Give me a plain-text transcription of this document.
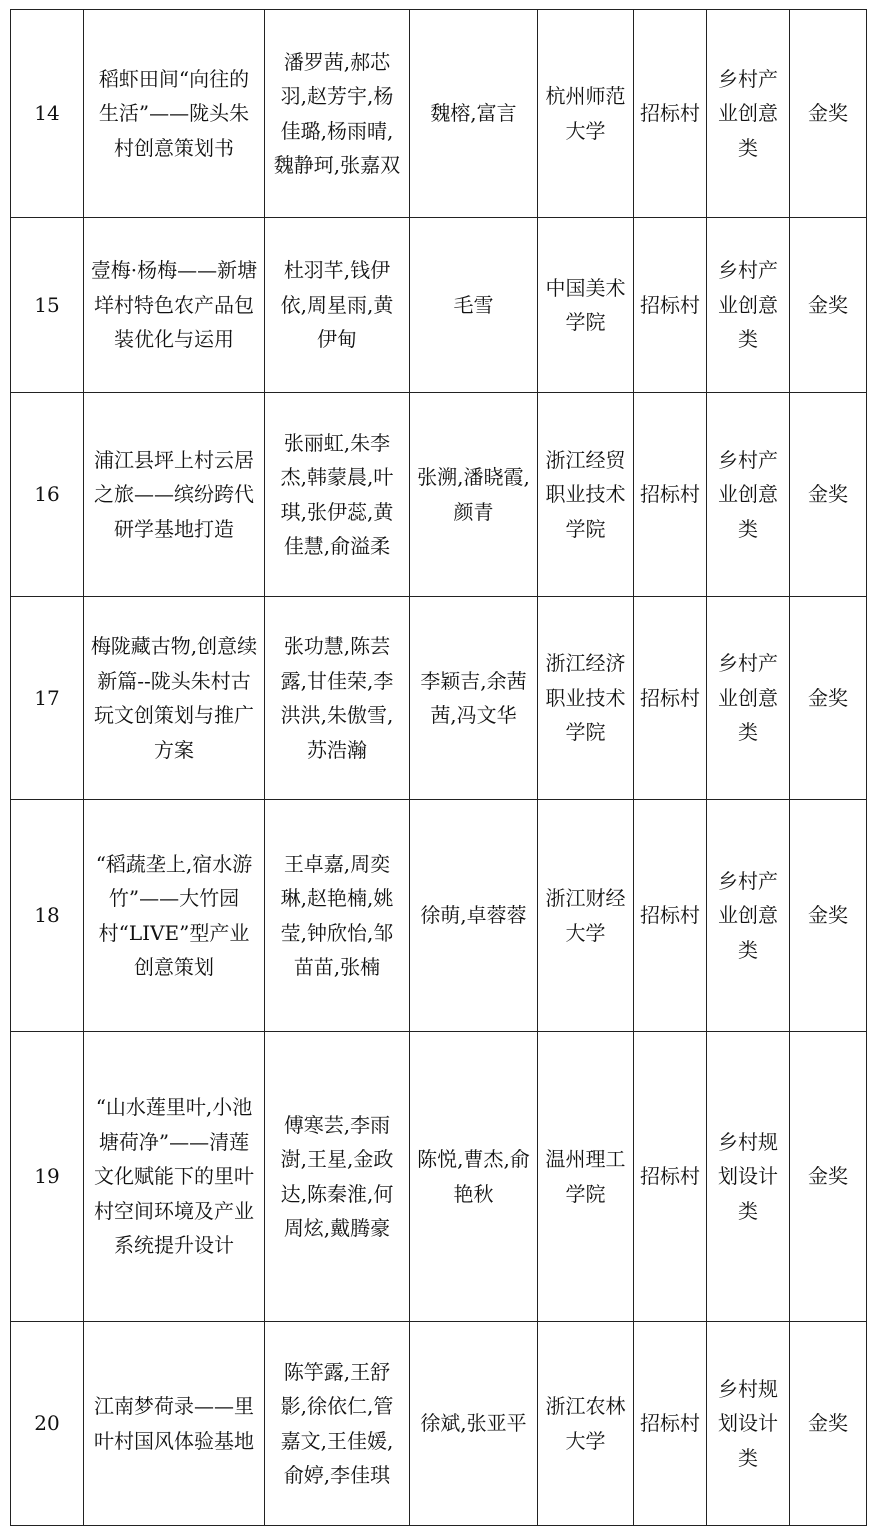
14	稻虾田间“向往的生活”——陇头朱村创意策划书	潘罗茜,郝芯羽,赵芳宇,杨佳璐,杨雨晴,魏静珂,张嘉双	魏榕,富言	杭州师范大学	招标村	乡村产业创意类	金奖
15	壹梅·杨梅——新塘垟村特色农产品包装优化与运用	杜羽芊,钱伊依,周星雨,黄伊甸	毛雪	中国美术学院	招标村	乡村产业创意类	金奖
16	浦江县坪上村云居之旅——缤纷跨代研学基地打造	张丽虹,朱李杰,韩蒙晨,叶琪,张伊蕊,黄佳慧,俞溢柔	张溯,潘晓霞,颜青	浙江经贸职业技术学院	招标村	乡村产业创意类	金奖
17	梅陇藏古物,创意续新篇--陇头朱村古玩文创策划与推广方案	张功慧,陈芸露,甘佳荣,李洪洪,朱傲雪,苏浩瀚	李颖吉,余茜茜,冯文华	浙江经济职业技术学院	招标村	乡村产业创意类	金奖
18	“稻蔬垄上,宿水游竹”——大竹园村“LIVE”型产业创意策划	王卓嘉,周奕琳,赵艳楠,姚莹,钟欣怡,邹苗苗,张楠	徐萌,卓蓉蓉	浙江财经大学	招标村	乡村产业创意类	金奖
19	“山水莲里叶,小池塘荷净”——清莲文化赋能下的里叶村空间环境及产业系统提升设计	傅寒芸,李雨澍,王星,金政达,陈秦淮,何周炫,戴腾豪	陈悦,曹杰,俞艳秋	温州理工学院	招标村	乡村规划设计类	金奖
20	江南梦荷录——里叶村国风体验基地	陈竽露,王舒影,徐依仁,管嘉文,王佳媛,俞婷,李佳琪	徐斌,张亚平	浙江农林大学	招标村	乡村规划设计类	金奖
